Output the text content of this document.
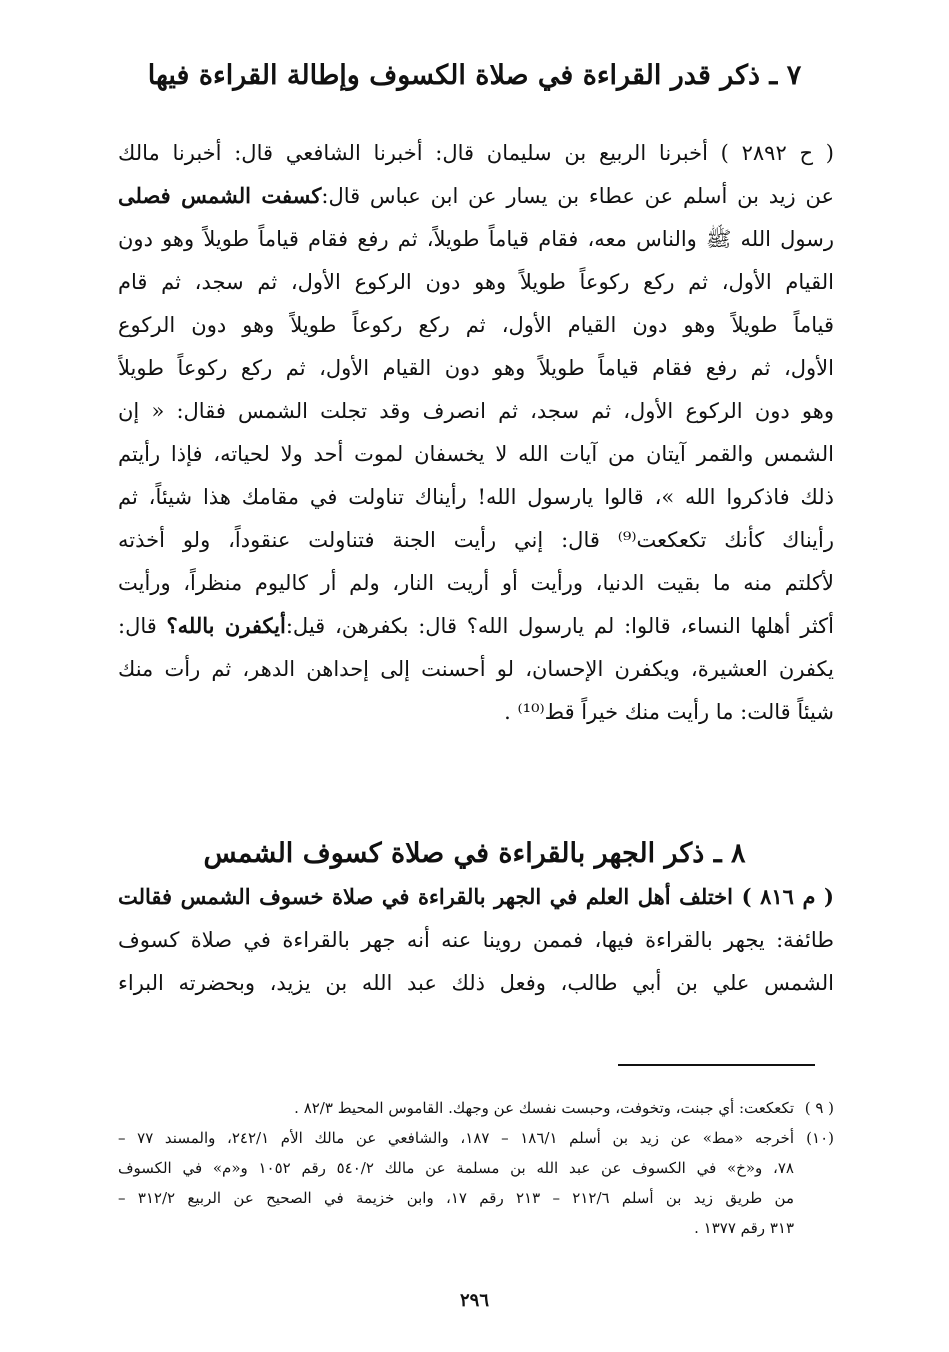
٧ ـ ذكر قدر القراءة في صلاة الكسوف وإطالة القراءة فيها
( ح ٢٨٩٢ ) أخبرنا الربيع بن سليمان قال: أخبرنا الشافعي قال: أخبرنا مالك
عن زيد بن أسلم عن عطاء بن يسار عن ابن عباس قال:كسفت الشمس فصلى
رسول الله ﷺ والناس معه، فقام قياماً طويلاً، ثم رفع فقام قياماً طويلاً وهو دون
القيام الأول، ثم ركع ركوعاً طويلاً وهو دون الركوع الأول، ثم سجد، ثم قام
قياماً طويلاً وهو دون القيام الأول، ثم ركع ركوعاً طويلاً وهو دون الركوع
الأول، ثم رفع فقام قياماً طويلاً وهو دون القيام الأول، ثم ركع ركوعاً طويلاً
وهو دون الركوع الأول، ثم سجد، ثم انصرف وقد تجلت الشمس فقال: « إن
الشمس والقمر آيتان من آيات الله لا يخسفان لموت أحد ولا لحياته، فإذا رأيتم
ذلك فاذكروا الله »، قالوا يارسول الله! رأيناك تناولت في مقامك هذا شيئاً، ثم
رأيناك كأنك تكعكعت⁽⁹⁾ قال: إني رأيت الجنة فتناولت عنقوداً، ولو أخذته
لأكلتم منه ما بقيت الدنيا، ورأيت أو أريت النار، ولم أر كاليوم منظراً، ورأيت
أكثر أهلها النساء، قالوا: لم يارسول الله؟ قال: بكفرهن، قيل:أيكفرن بالله؟ قال:
يكفرن العشيرة، ويكفرن الإحسان، لو أحسنت إلى إحداهن الدهر، ثم رأت منك
شيئاً قالت: ما رأيت منك خيراً قط⁽¹⁰⁾ .
٨ ـ ذكر الجهر بالقراءة في صلاة كسوف الشمس
( م ٨١٦ ) اختلف أهل العلم في الجهر بالقراءة في صلاة خسوف الشمس فقالت
طائفة: يجهر بالقراءة فيها، فممن روينا عنه أنه جهر بالقراءة في صلاة كسوف
الشمس علي بن أبي طالب، وفعل ذلك عبد الله بن يزيد، وبحضرته البراء
( ٩ )
تكعكعت: أي جبنت، وتخوفت، وحبست نفسك عن وجهك. القاموس المحيط ٨٢/٣ .
(١٠)
أخرجه «مط» عن زيد بن أسلم ١٨٦/١ – ١٨٧، والشافعي عن مالك الأم ٢٤٢/١، والمسند ٧٧ –
٧٨، و«خ» في الكسوف عن عبد الله بن مسلمة عن مالك ٥٤٠/٢ رقم ١٠٥٢ و«م» في الكسوف
من طريق زيد بن أسلم ٢١٢/٦ – ٢١٣ رقم ١٧، وابن خزيمة في الصحيح عن الربيع ٣١٢/٢ –
٣١٣ رقم ١٣٧٧ .
٢٩٦
